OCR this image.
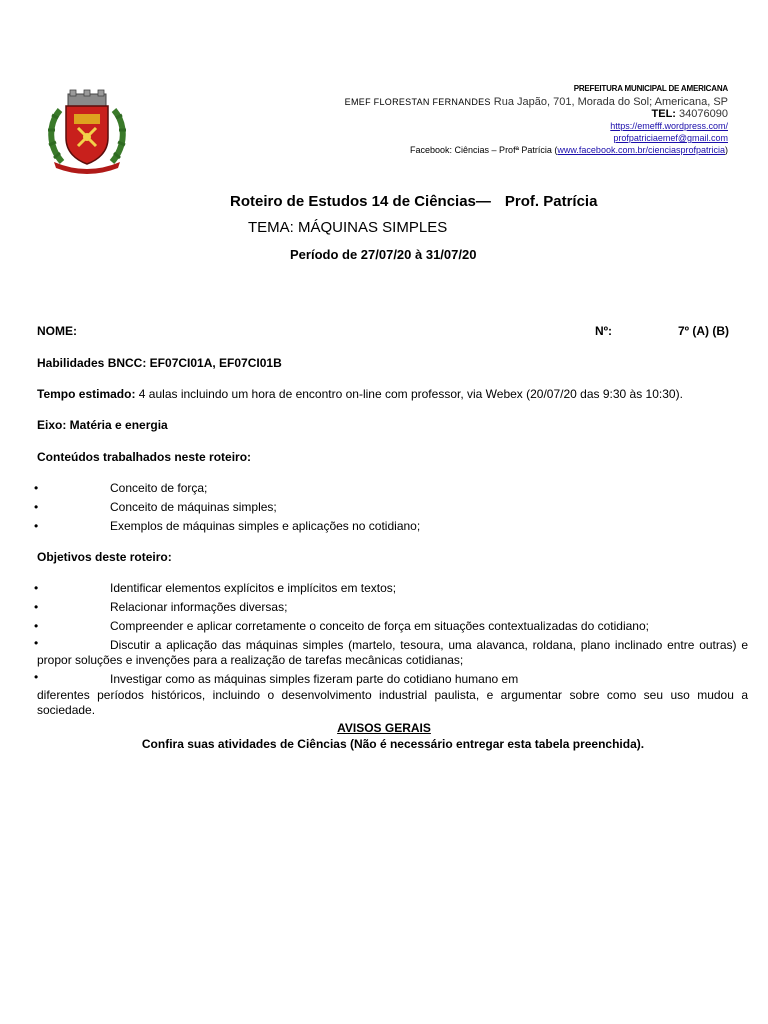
PREFEITURA MUNICIPAL DE AMERICANA
EMEF FLORESTAN FERNANDES Rua Japão, 701, Morada do Sol; Americana, SP
TEL: 34076090
https://emefff.wordpress.com/
profpatriciaemef@gmail.com
Facebook: Ciências – Profª Patrícia (www.facebook.com.br/cienciasprofpatricia)
Roteiro de Estudos 14 de Ciências— Prof. Patrícia
TEMA: MÁQUINAS SIMPLES
Período de 27/07/20 à 31/07/20
NOME:	Nº:	7º (A) (B)
Habilidades BNCC: EF07CI01A, EF07CI01B
Tempo estimado: 4 aulas incluindo um hora de encontro on-line com professor, via Webex (20/07/20 das 9:30 às 10:30).
Eixo: Matéria e energia
Conteúdos trabalhados neste roteiro:
•	Conceito de força;
•	Conceito de máquinas simples;
•	Exemplos de máquinas simples e aplicações no cotidiano;
Objetivos deste roteiro:
•	Identificar elementos explícitos e implícitos em textos;
•	Relacionar informações diversas;
•	Compreender e aplicar corretamente o conceito de força em situações contextualizadas do cotidiano;
•	Discutir a aplicação das máquinas simples (martelo, tesoura, uma alavanca, roldana, plano inclinado entre outras) e propor soluções e invenções para a realização de tarefas mecânicas cotidianas;
•	Investigar como as máquinas simples fizeram parte do cotidiano humano em
diferentes períodos históricos, incluindo o desenvolvimento industrial paulista, e argumentar sobre como seu uso mudou a sociedade.
AVISOS GERAIS
Confira suas atividades de Ciências (Não é necessário entregar esta tabela preenchida).
